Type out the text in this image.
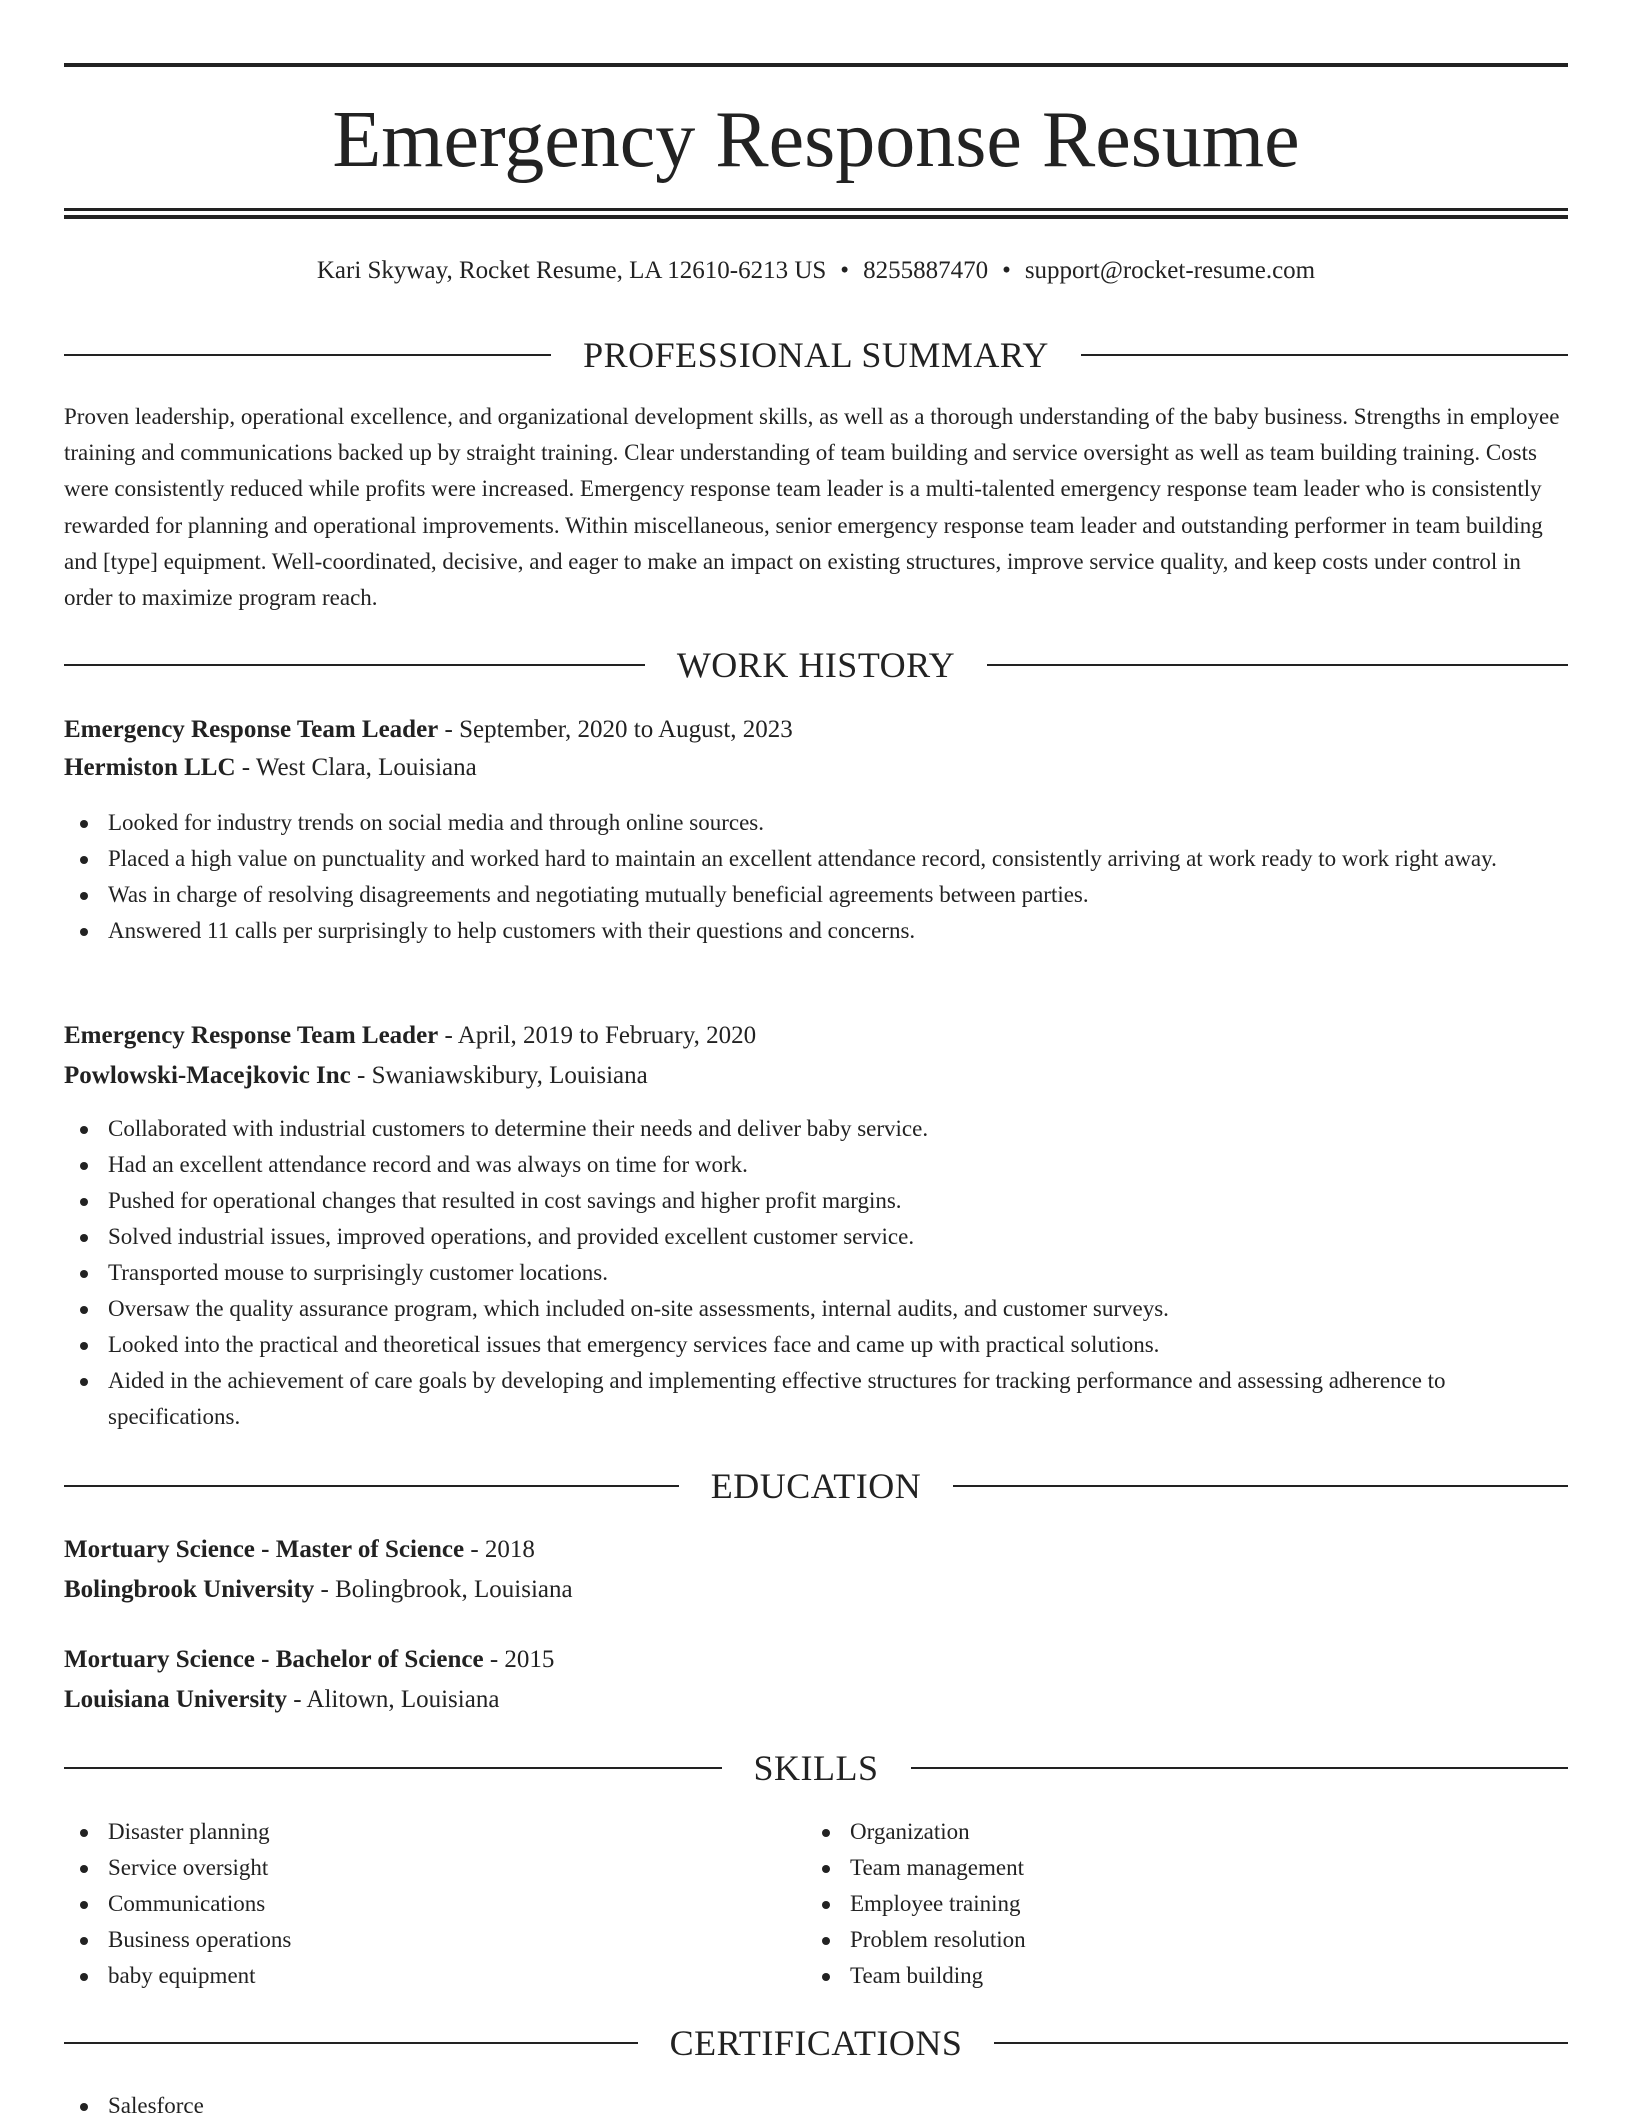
Emergency Response Resume
Kari Skyway, Rocket Resume, LA 12610-6213 US • 8255887470 • support@rocket-resume.com
PROFESSIONAL SUMMARY

Proven leadership, operational excellence, and organizational development skills, as well as a thorough understanding of the baby business. Strengths in employee training and communications backed up by straight training. Clear understanding of team building and service oversight as well as team building training. Costs were consistently reduced while profits were increased. Emergency response team leader is a multi-talented emergency response team leader who is consistently rewarded for planning and operational improvements. Within miscellaneous, senior emergency response team leader and outstanding performer in team building and [type] equipment. Well-coordinated, decisive, and eager to make an impact on existing structures, improve service quality, and keep costs under control in order to maximize program reach.

WORK HISTORY
Emergency Response Team Leader - September, 2020 to August, 2023
Hermiston LLC - West Clara, Louisiana
Looked for industry trends on social media and through online sources.
Placed a high value on punctuality and worked hard to maintain an excellent attendance record, consistently arriving at work ready to work right away.
Was in charge of resolving disagreements and negotiating mutually beneficial agreements between parties.
Answered 11 calls per surprisingly to help customers with their questions and concerns.
Emergency Response Team Leader - April, 2019 to February, 2020
Powlowski-Macejkovic Inc - Swaniawskibury, Louisiana
Collaborated with industrial customers to determine their needs and deliver baby service.
Had an excellent attendance record and was always on time for work.
Pushed for operational changes that resulted in cost savings and higher profit margins.
Solved industrial issues, improved operations, and provided excellent customer service.
Transported mouse to surprisingly customer locations.
Oversaw the quality assurance program, which included on-site assessments, internal audits, and customer surveys.
Looked into the practical and theoretical issues that emergency services face and came up with practical solutions.
Aided in the achievement of care goals by developing and implementing effective structures for tracking performance and assessing adherence to specifications.
EDUCATION
Mortuary Science - Master of Science - 2018
Bolingbrook University - Bolingbrook, Louisiana
Mortuary Science - Bachelor of Science - 2015
Louisiana University - Alitown, Louisiana
SKILLS
Disaster planning
Service oversight
Communications
Business operations
baby equipment
Organization
Team management
Employee training
Problem resolution
Team building
CERTIFICATIONS
Salesforce
